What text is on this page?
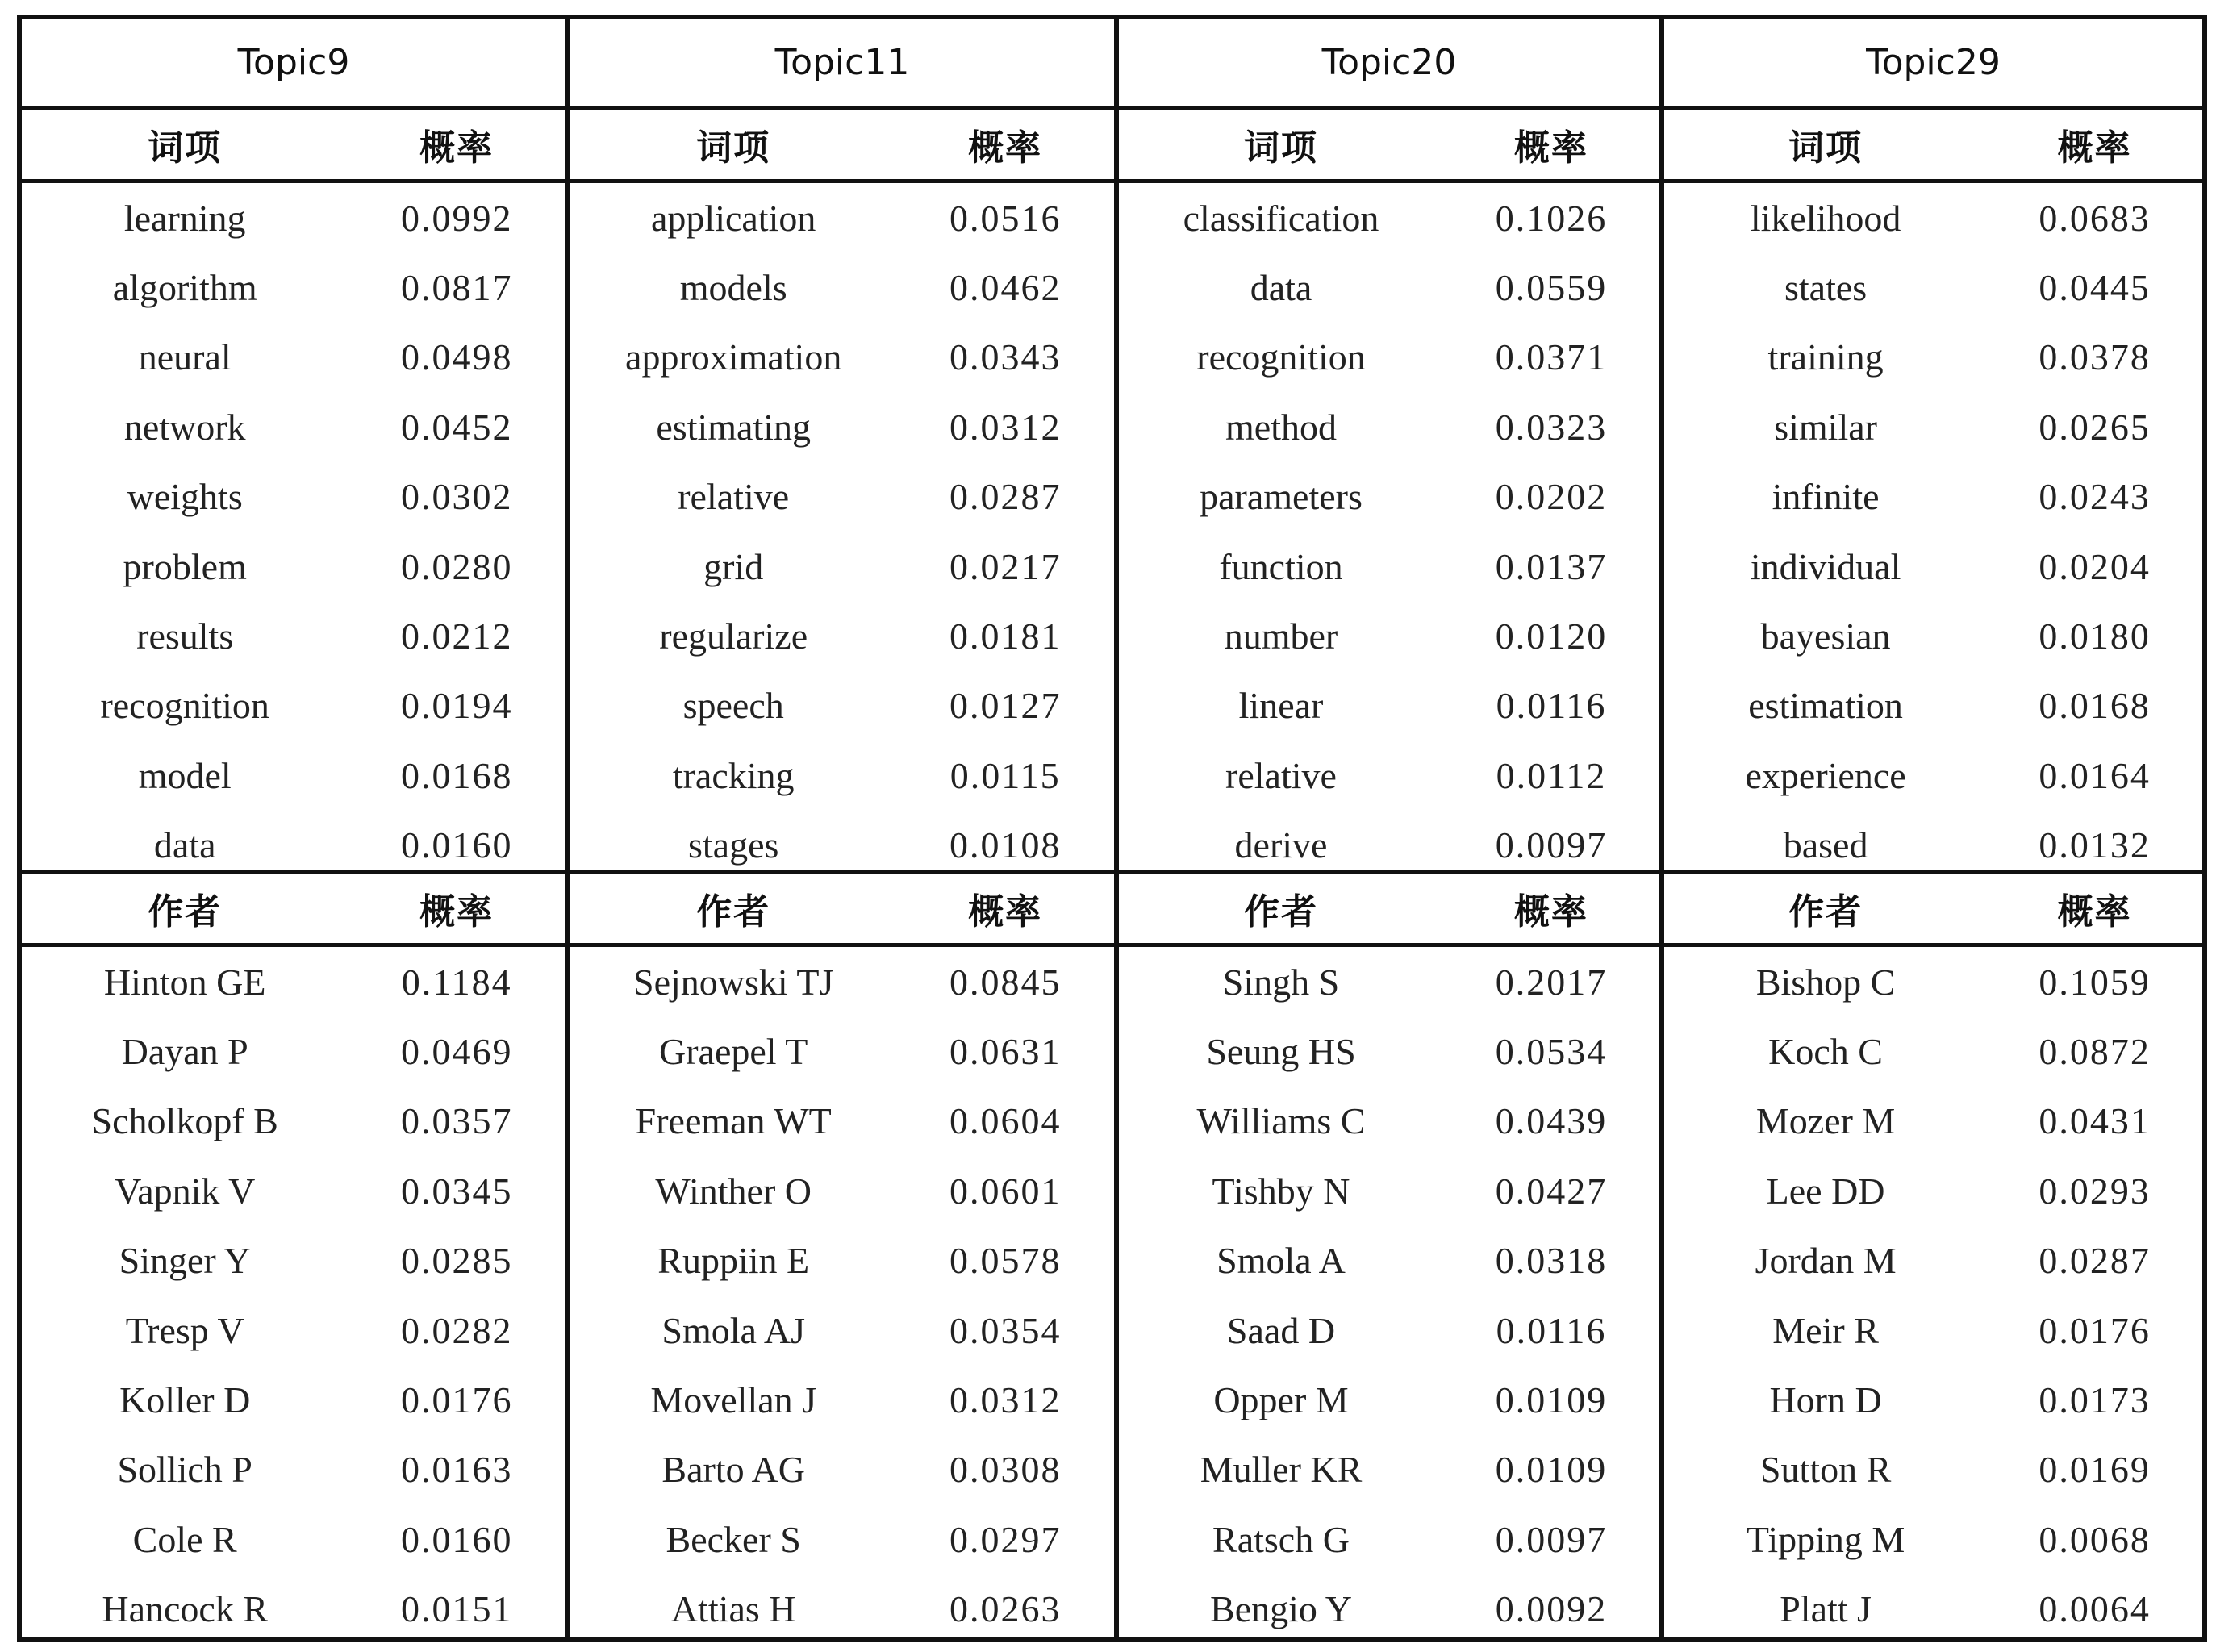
Topic9
词项	概率
learning	0.0992
algorithm	0.0817
neural	0.0498
network	0.0452
weights	0.0302
problem	0.0280
results	0.0212
recognition	0.0194
model	0.0168
data	0.0160
作者	概率
Hinton GE	0.1184
Dayan P	0.0469
Scholkopf B	0.0357
Vapnik V	0.0345
Singer Y	0.0285
Tresp V	0.0282
Koller D	0.0176
Sollich P	0.0163
Cole R	0.0160
Hancock R	0.0151
Topic11
词项	概率
application	0.0516
models	0.0462
approximation	0.0343
estimating	0.0312
relative	0.0287
grid	0.0217
regularize	0.0181
speech	0.0127
tracking	0.0115
stages	0.0108
作者	概率
Sejnowski TJ	0.0845
Graepel T	0.0631
Freeman WT	0.0604
Winther O	0.0601
Ruppiin E	0.0578
Smola AJ	0.0354
Movellan J	0.0312
Barto AG	0.0308
Becker S	0.0297
Attias H	0.0263
Topic20
词项	概率
classification	0.1026
data	0.0559
recognition	0.0371
method	0.0323
parameters	0.0202
function	0.0137
number	0.0120
linear	0.0116
relative	0.0112
derive	0.0097
作者	概率
Singh S	0.2017
Seung HS	0.0534
Williams C	0.0439
Tishby N	0.0427
Smola A	0.0318
Saad D	0.0116
Opper M	0.0109
Muller KR	0.0109
Ratsch G	0.0097
Bengio Y	0.0092
Topic29
词项	概率
likelihood	0.0683
states	0.0445
training	0.0378
similar	0.0265
infinite	0.0243
individual	0.0204
bayesian	0.0180
estimation	0.0168
experience	0.0164
based	0.0132
作者	概率
Bishop C	0.1059
Koch C	0.0872
Mozer M	0.0431
Lee DD	0.0293
Jordan M	0.0287
Meir R	0.0176
Horn D	0.0173
Sutton R	0.0169
Tipping M	0.0068
Platt J	0.0064
